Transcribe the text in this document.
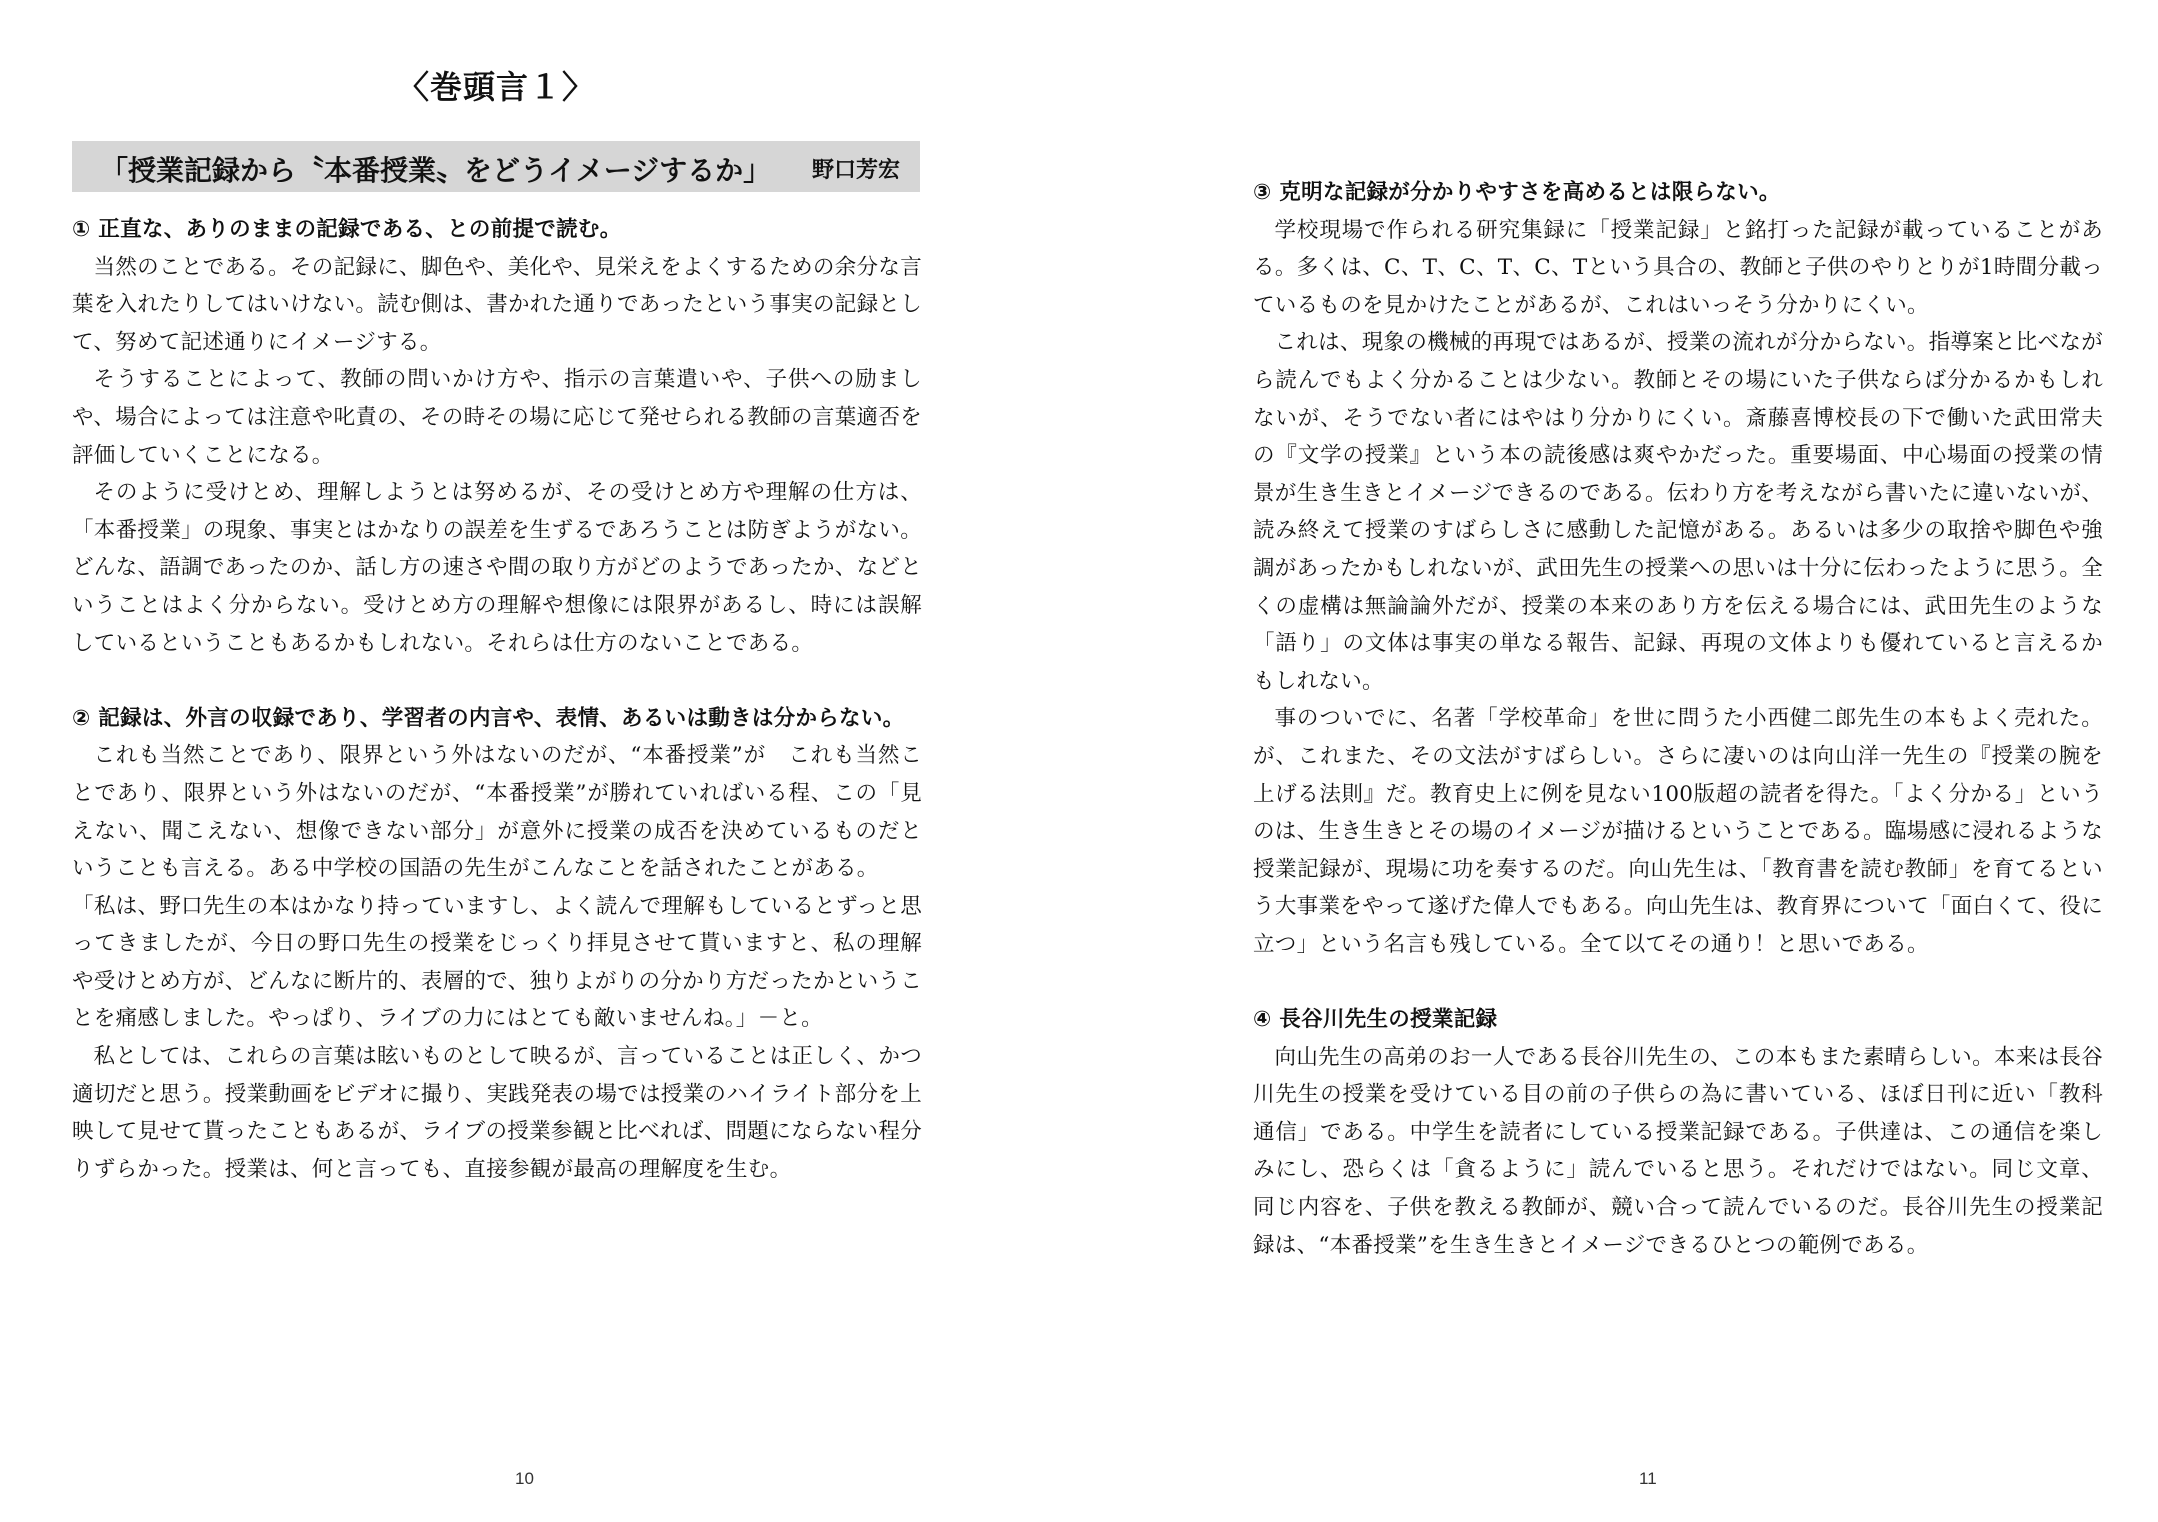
〈巻頭言１〉
「授業記録から〝本番授業〟をどうイメージするか」 野口芳宏
① 正直な、ありのままの記録である、との前提で読む。

当然のことである。その記録に、脚色や、美化や、見栄えをよくするための余分な言葉を入れたりしてはいけない。読む側は、書かれた通りであったという事実の記録として、努めて記述通りにイメージする。

そうすることによって、教師の問いかけ方や、指示の言葉遣いや、子供への励ましや、場合によっては注意や叱責の、その時その場に応じて発せられる教師の言葉適否を評価していくことになる。

そのように受けとめ、理解しようとは努めるが、その受けとめ方や理解の仕方は、「本番授業」の現象、事実とはかなりの誤差を生ずるであろうことは防ぎようがない。どんな、語調であったのか、話し方の速さや間の取り方がどのようであったか、などということはよく分からない。受けとめ方の理解や想像には限界があるし、時には誤解しているということもあるかもしれない。それらは仕方のないことである。

② 記録は、外言の収録であり、学習者の内言や、表情、あるいは動きは分からない。

これも当然ことであり、限界という外はないのだが、“本番授業”が　これも当然ことであり、限界という外はないのだが、“本番授業”が勝れていればいる程、この「見えない、聞こえない、想像できない部分」が意外に授業の成否を決めているものだということも言える。ある中学校の国語の先生がこんなことを話されたことがある。

「私は、野口先生の本はかなり持っていますし、よく読んで理解もしているとずっと思ってきましたが、今日の野口先生の授業をじっくり拝見させて貰いますと、私の理解や受けとめ方が、どんなに断片的、表層的で、独りよがりの分かり方だったかということを痛感しました。やっぱり、ライブの力にはとても敵いませんね。」－と。

私としては、これらの言葉は眩いものとして映るが、言っていることは正しく、かつ適切だと思う。授業動画をビデオに撮り、実践発表の場では授業のハイライト部分を上映して見せて貰ったこともあるが、ライブの授業参観と比べれば、問題にならない程分りずらかった。授業は、何と言っても、直接参観が最高の理解度を生む。

10
③ 克明な記録が分かりやすさを高めるとは限らない。

学校現場で作られる研究集録に「授業記録」と銘打った記録が載っていることがある。多くは、C、T、C、T、C、Tという具合の、教師と子供のやりとりが1時間分載っているものを見かけたことがあるが、これはいっそう分かりにくい。

これは、現象の機械的再現ではあるが、授業の流れが分からない。指導案と比べながら読んでもよく分かることは少ない。教師とその場にいた子供ならば分かるかもしれないが、そうでない者にはやはり分かりにくい。斎藤喜博校長の下で働いた武田常夫の『文学の授業』という本の読後感は爽やかだった。重要場面、中心場面の授業の情景が生き生きとイメージできるのである。伝わり方を考えながら書いたに違いないが、読み終えて授業のすばらしさに感動した記憶がある。あるいは多少の取捨や脚色や強調があったかもしれないが、武田先生の授業への思いは十分に伝わったように思う。全くの虚構は無論論外だが、授業の本来のあり方を伝える場合には、武田先生のような「語り」の文体は事実の単なる報告、記録、再現の文体よりも優れていると言えるかもしれない。

事のついでに、名著「学校革命」を世に問うた小西健二郎先生の本もよく売れた。が、これまた、その文法がすばらしい。さらに凄いのは向山洋一先生の『授業の腕を上げる法則』だ。教育史上に例を見ない100版超の読者を得た。「よく分かる」というのは、生き生きとその場のイメージが描けるということである。臨場感に浸れるような授業記録が、現場に功を奏するのだ。向山先生は、「教育書を読む教師」を育てるという大事業をやって遂げた偉人でもある。向山先生は、教育界について「面白くて、役に立つ」という名言も残している。全て以てその通り！と思いである。

④ 長谷川先生の授業記録

向山先生の高弟のお一人である長谷川先生の、この本もまた素晴らしい。本来は長谷川先生の授業を受けている目の前の子供らの為に書いている、ほぼ日刊に近い「教科通信」である。中学生を読者にしている授業記録である。子供達は、この通信を楽しみにし、恐らくは「貪るように」読んでいると思う。それだけではない。同じ文章、同じ内容を、子供を教える教師が、競い合って読んでいるのだ。長谷川先生の授業記録は、“本番授業”を生き生きとイメージできるひとつの範例である。

11
